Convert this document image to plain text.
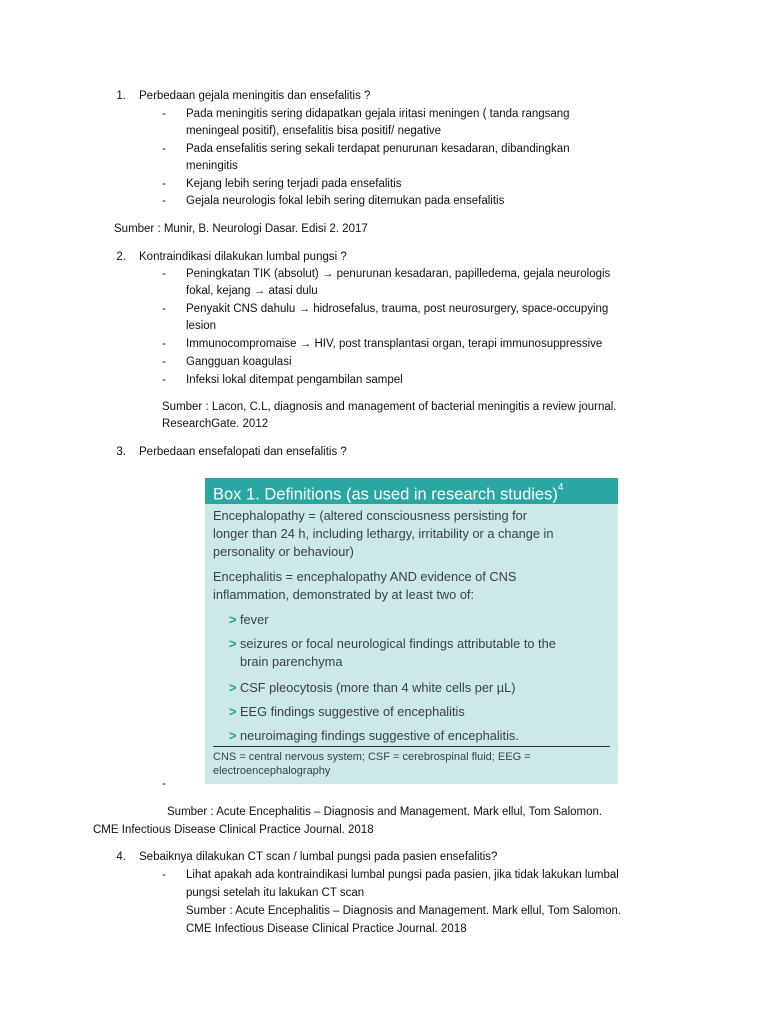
1. Perbedaan gejala meningitis dan ensefalitis ?
- Pada meningitis sering didapatkan gejala iritasi meningen ( tanda rangsang
meningeal positif), ensefalitis bisa positif/ negative
- Pada ensefalitis sering sekali terdapat penurunan kesadaran, dibandingkan
meningitis
- Kejang lebih sering terjadi pada ensefalitis
- Gejala neurologis fokal lebih sering ditemukan pada ensefalitis
Sumber : Munir, B. Neurologi Dasar. Edisi 2. 2017
2. Kontraindikasi dilakukan lumbal pungsi ?
- Peningkatan TIK (absolut) → penurunan kesadaran, papilledema, gejala neurologis
fokal, kejang → atasi dulu
- Penyakit CNS dahulu → hidrosefalus, trauma, post neurosurgery, space-occupying
lesion
- Immunocompromaise → HIV, post transplantasi organ, terapi immunosuppressive
- Gangguan koagulasi
- Infeksi lokal ditempat pengambilan sampel
Sumber : Lacon, C.L, diagnosis and management of bacterial meningitis a review journal.
ResearchGate. 2012
3. Perbedaan ensefalopati dan ensefalitis ?
Box 1. Definitions (as used in research studies)$^4$
Encephalopathy = (altered consciousness persisting for
longer than 24 h, including lethargy, irritability or a change in
personality or behaviour)
Encephalitis = encephalopathy AND evidence of CNS
inflammation, demonstrated by at least two of:
> fever
> seizures or focal neurological findings attributable to the
brain parenchyma
> CSF pleocytosis (more than 4 white cells per µL)
> EEG findings suggestive of encephalitis
> neuroimaging findings suggestive of encephalitis.
CNS = central nervous system; CSF = cerebrospinal fluid; EEG =
electroencephalography
-
Sumber : Acute Encephalitis – Diagnosis and Management. Mark ellul, Tom Salomon.
CME Infectious Disease Clinical Practice Journal. 2018
4. Sebaiknya dilakukan CT scan / lumbal pungsi pada pasien ensefalitis?
- Lihat apakah ada kontraindikasi lumbal pungsi pada pasien, jika tidak lakukan lumbal
pungsi setelah itu lakukan CT scan
Sumber : Acute Encephalitis – Diagnosis and Management. Mark ellul, Tom Salomon.
CME Infectious Disease Clinical Practice Journal. 2018
